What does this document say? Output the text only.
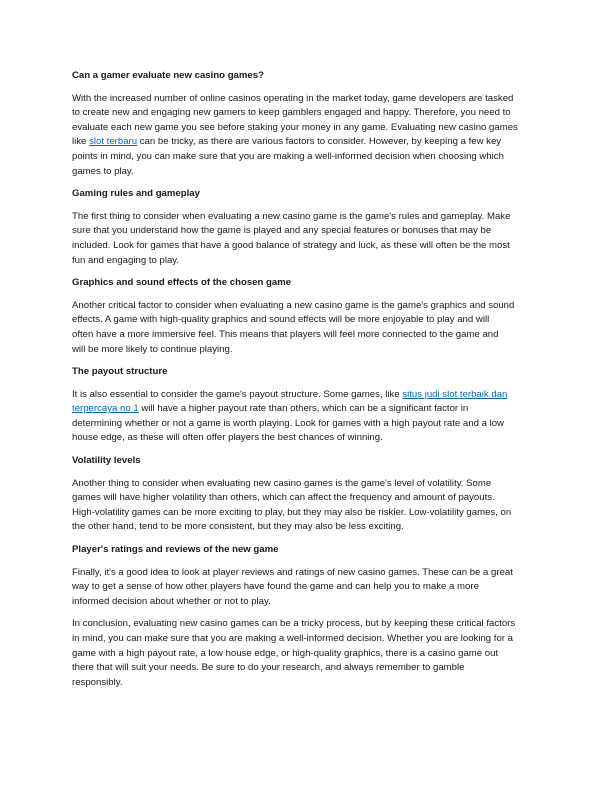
Can a gamer evaluate new casino games?

With the increased number of online casinos operating in the market today, game developers are tasked
to create new and engaging new gamers to keep gamblers engaged and happy. Therefore, you need to
evaluate each new game you see before staking your money in any game. Evaluating new casino games
like slot terbaru can be tricky, as there are various factors to consider. However, by keeping a few key
points in mind, you can make sure that you are making a well-informed decision when choosing which
games to play.

Gaming rules and gameplay

The first thing to consider when evaluating a new casino game is the game's rules and gameplay. Make
sure that you understand how the game is played and any special features or bonuses that may be
included. Look for games that have a good balance of strategy and luck, as these will often be the most
fun and engaging to play.

Graphics and sound effects of the chosen game

Another critical factor to consider when evaluating a new casino game is the game's graphics and sound
effects. A game with high-quality graphics and sound effects will be more enjoyable to play and will
often have a more immersive feel. This means that players will feel more connected to the game and
will be more likely to continue playing.

The payout structure

It is also essential to consider the game's payout structure. Some games, like situs judi slot terbaik dan
terpercaya no 1 will have a higher payout rate than others, which can be a significant factor in
determining whether or not a game is worth playing. Look for games with a high payout rate and a low
house edge, as these will often offer players the best chances of winning.

Volatility levels

Another thing to consider when evaluating new casino games is the game's level of volatility. Some
games will have higher volatility than others, which can affect the frequency and amount of payouts.
High-volatility games can be more exciting to play, but they may also be riskier. Low-volatility games, on
the other hand, tend to be more consistent, but they may also be less exciting.

Player's ratings and reviews of the new game

Finally, it's a good idea to look at player reviews and ratings of new casino games. These can be a great
way to get a sense of how other players have found the game and can help you to make a more
informed decision about whether or not to play.

In conclusion, evaluating new casino games can be a tricky process, but by keeping these critical factors
in mind, you can make sure that you are making a well-informed decision. Whether you are looking for a
game with a high payout rate, a low house edge, or high-quality graphics, there is a casino game out
there that will suit your needs. Be sure to do your research, and always remember to gamble
responsibly.
